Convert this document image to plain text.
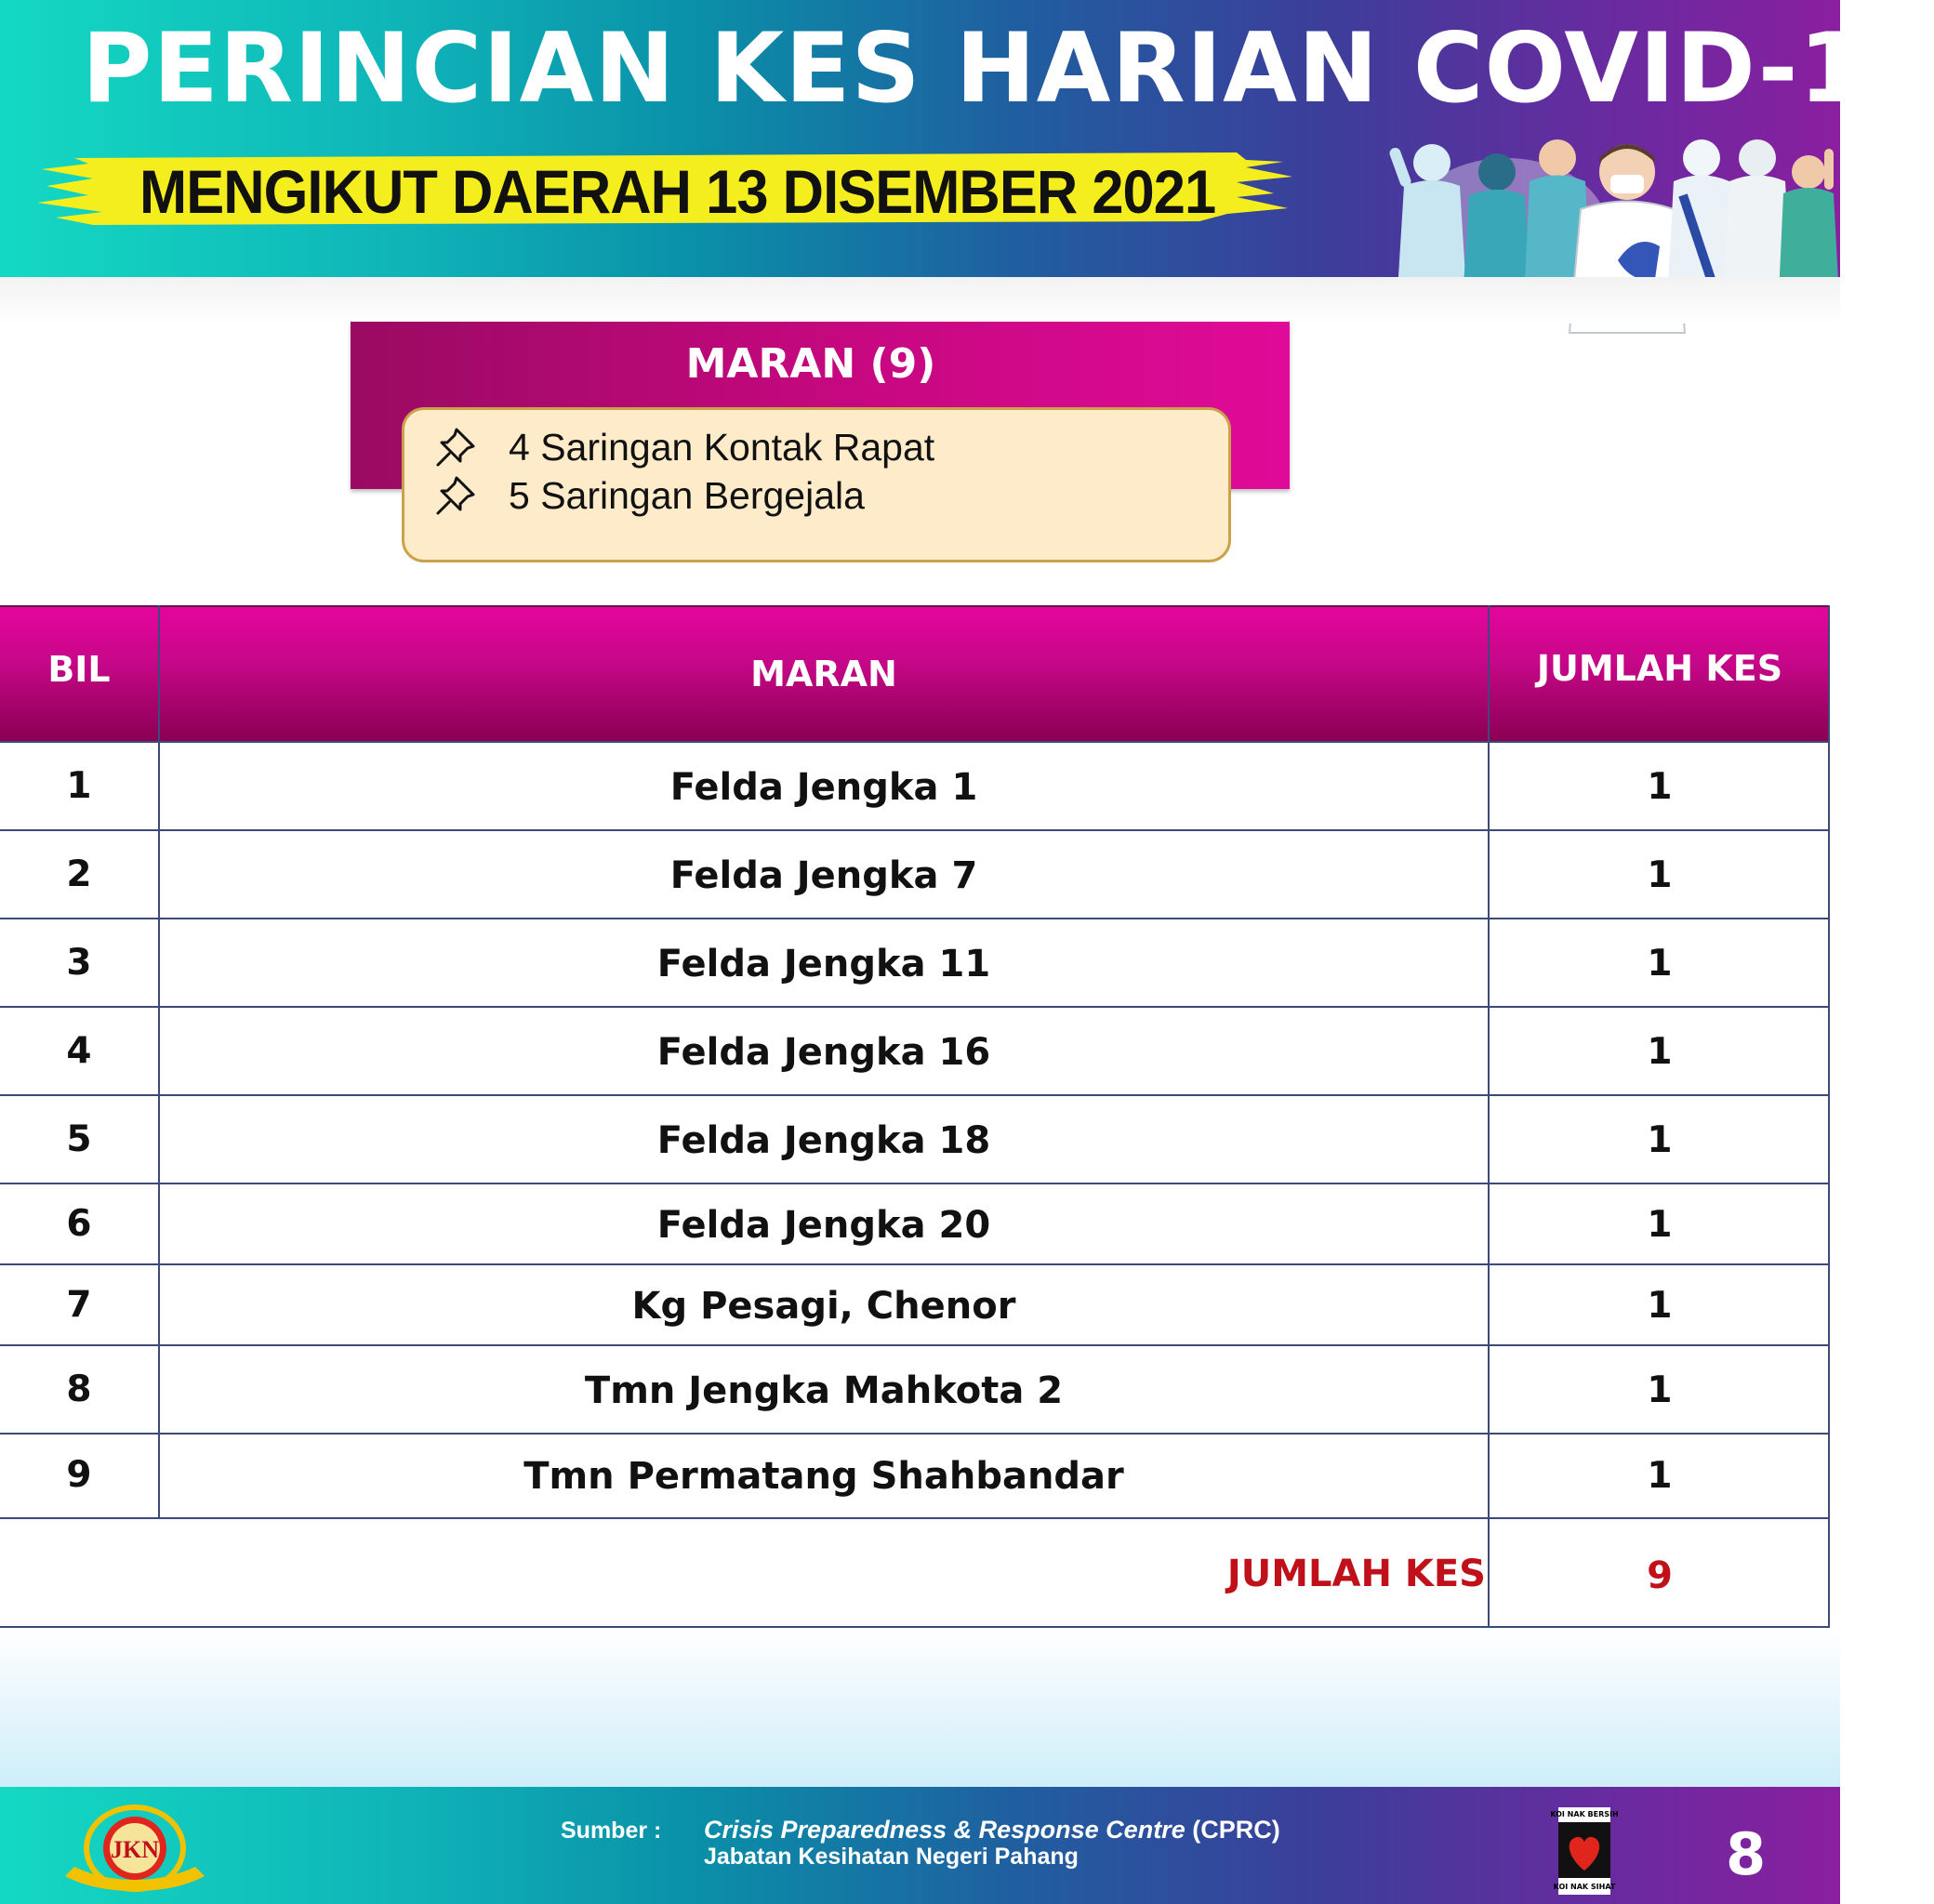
PERINCIAN KES HARIAN COVID-19
MENGIKUT DAERAH 13 DISEMBER 2021
MARAN (9)
4 Saringan Kontak Rapat
5 Saringan Bergejala
BIL	MARAN	JUMLAH KES
1	Felda Jengka 1	1
2	Felda Jengka 7	1
3	Felda Jengka 11	1
4	Felda Jengka 16	1
5	Felda Jengka 18	1
6	Felda Jengka 20	1
7	Kg Pesagi, Chenor	1
8	Tmn Jengka Mahkota 2	1
9	Tmn Permatang Shahbandar	1
JUMLAH KES	9
JKN
Sumber : Crisis Preparedness & Response Centre (CPRC)
Jabatan Kesihatan Negeri Pahang
KOI NAK BERSIH
KOI NAK SIHAT 8
